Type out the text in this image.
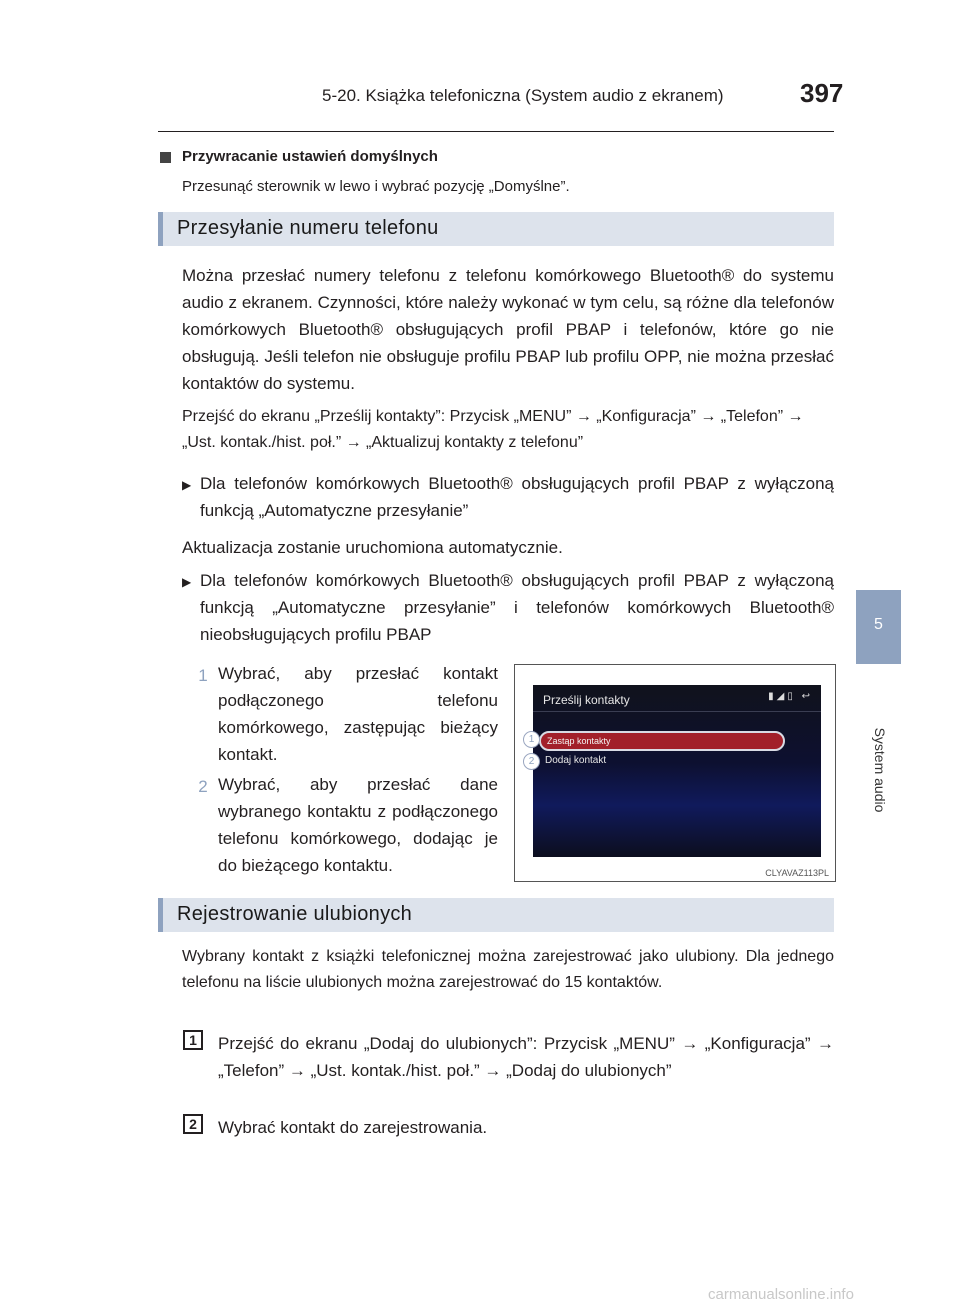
5-20. Książka telefoniczna (System audio z ekranem)	397
5
System audio
Przywracanie ustawień domyślnych
Przesunąć sterownik w lewo i wybrać pozycję „Domyślne”.
Przesyłanie numeru telefonu
Można przesłać numery telefonu z telefonu komórkowego Bluetooth® do systemu audio z ekranem. Czynności, które należy wykonać w tym celu, są różne dla telefonów komórkowych Bluetooth® obsługujących profil PBAP i telefonów, które go nie obsługują. Jeśli telefon nie obsługuje profilu PBAP lub profilu OPP, nie można przesłać kontaktów do systemu.
Przejść do ekranu „Prześlij kontakty”: Przycisk „MENU” → „Konfiguracja” → „Telefon” → „Ust. kontak./hist. poł.” → „Aktualizuj kontakty z telefonu”
▶ Dla telefonów komórkowych Bluetooth® obsługujących profil PBAP z wyłączoną funkcją „Automatyczne przesyłanie”
Aktualizacja zostanie uruchomiona automatycznie.
▶ Dla telefonów komórkowych Bluetooth® obsługujących profil PBAP z wyłączoną funkcją „Automatyczne przesyłanie” i telefonów komórkowych Bluetooth® nieobsługujących profilu PBAP
1 Wybrać, aby przesłać kontakt podłączonego telefonu komórkowego, zastępując bieżący kontakt.
2 Wybrać, aby przesłać dane wybranego kontaktu z podłączonego telefonu komórkowego, dodając je do bieżącego kontaktu.
Prześlij kontakty	▮◢▯ ↩
Zastąp kontakty
Dodaj kontakt
1
2
CLYAVAZ113PL
Rejestrowanie ulubionych
Wybrany kontakt z książki telefonicznej można zarejestrować jako ulubiony. Dla jednego telefonu na liście ulubionych można zarejestrować do 15 kontaktów.
1	Przejść do ekranu „Dodaj do ulubionych”: Przycisk „MENU” → „Konfiguracja” → „Telefon” → „Ust. kontak./hist. poł.” → „Dodaj do ulubionych”
2	Wybrać kontakt do zarejestrowania.
carmanualsonline.info
